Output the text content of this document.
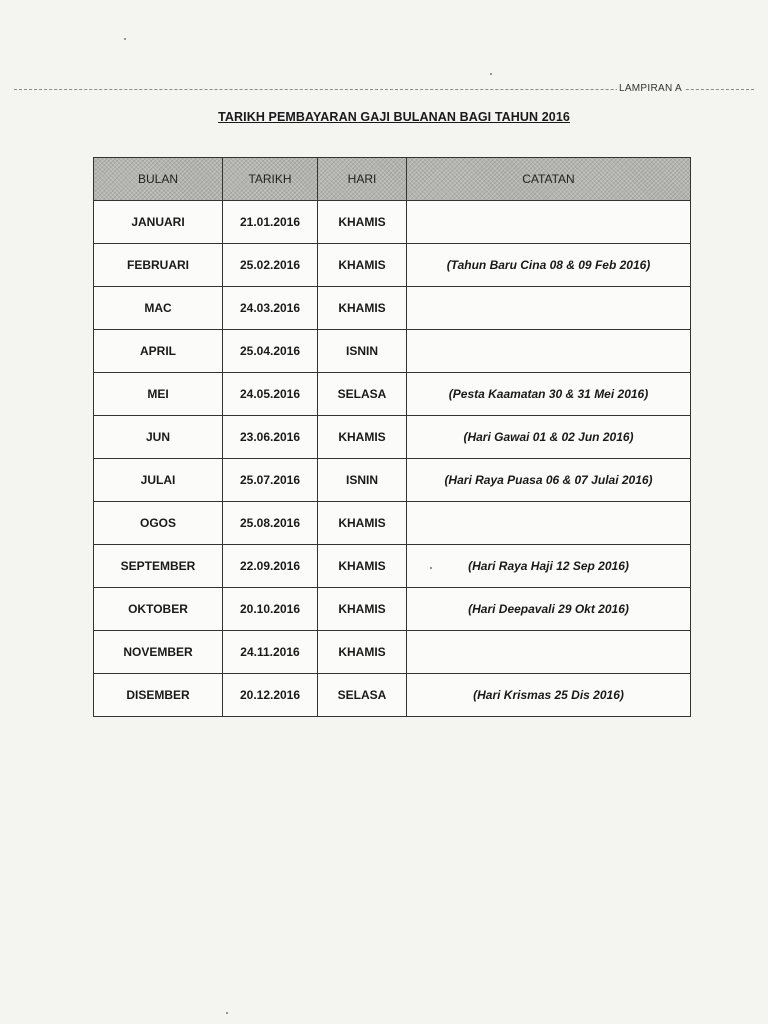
LAMPIRAN A
TARIKH PEMBAYARAN GAJI BULANAN BAGI TAHUN 2016
BULAN	TARIKH	HARI	CATATAN
JANUARI	21.01.2016	KHAMIS	
FEBRUARI	25.02.2016	KHAMIS	(Tahun Baru Cina 08 & 09 Feb 2016)
MAC	24.03.2016	KHAMIS	
APRIL	25.04.2016	ISNIN	
MEI	24.05.2016	SELASA	(Pesta Kaamatan 30 & 31 Mei 2016)
JUN	23.06.2016	KHAMIS	(Hari Gawai 01 & 02 Jun 2016)
JULAI	25.07.2016	ISNIN	(Hari Raya Puasa 06 & 07 Julai 2016)
OGOS	25.08.2016	KHAMIS	
SEPTEMBER	22.09.2016	KHAMIS	(Hari Raya Haji 12 Sep 2016)
OKTOBER	20.10.2016	KHAMIS	(Hari Deepavali 29 Okt 2016)
NOVEMBER	24.11.2016	KHAMIS	
DISEMBER	20.12.2016	SELASA	(Hari Krismas 25 Dis 2016)
